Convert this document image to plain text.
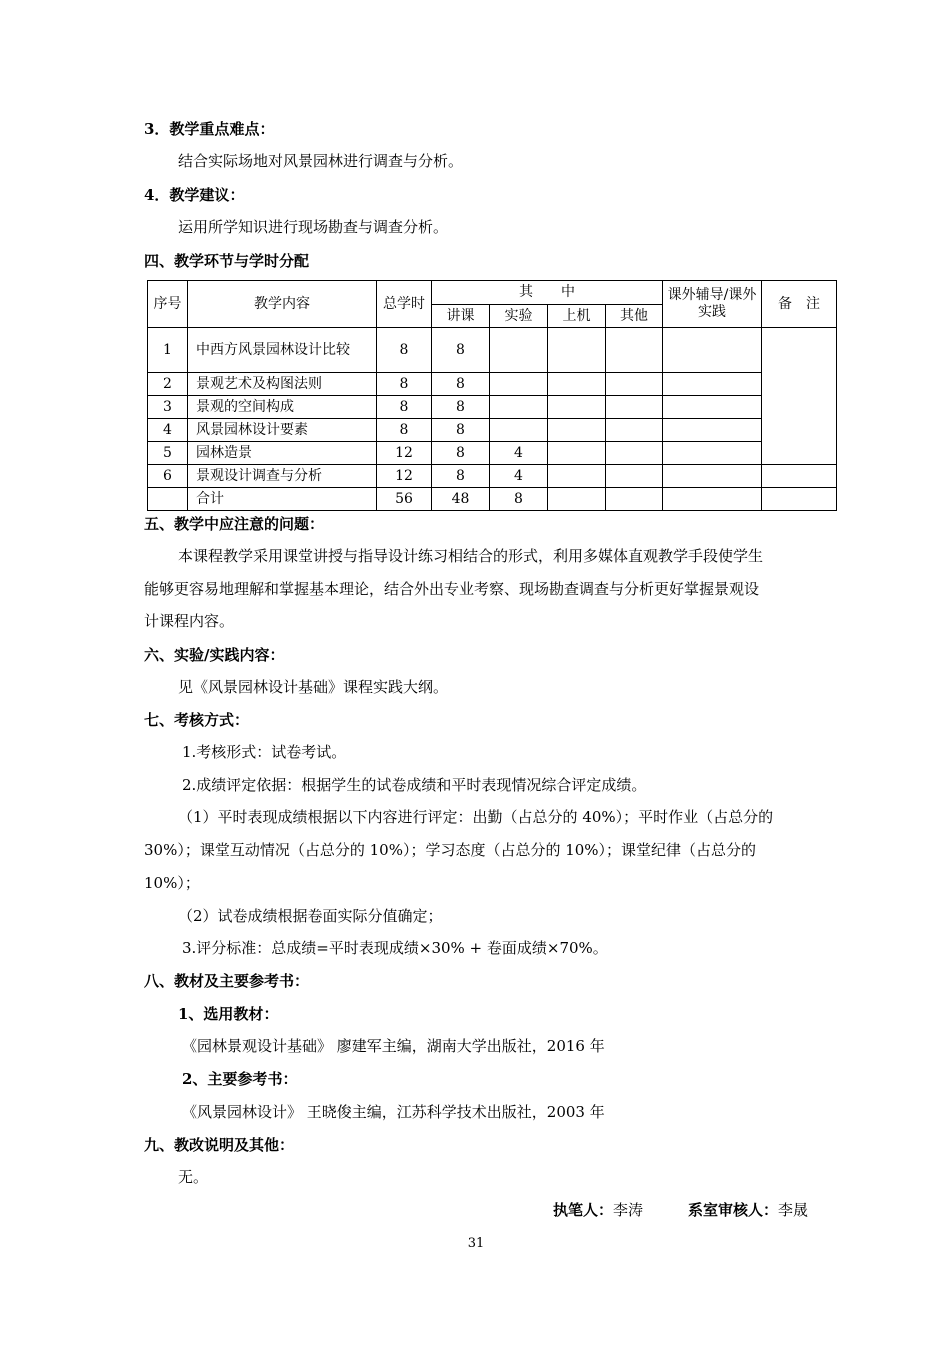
3．教学重点难点：
结合实际场地对风景园林进行调查与分析。
4．教学建议：
运用所学知识进行现场勘查与调查分析。
四、教学环节与学时分配
序号	教学内容	总学时	其　　中				课外辅导/课外实践	备　注
			讲课	实验	上机	其他		
1	中西方风景园林设计比较	8	8					
2	景观艺术及构图法则	8	8					
3	景观的空间构成	8	8					
4	风景园林设计要素	8	8					
5	园林造景	12	8	4				
6	景观设计调查与分析	12	8	4				
	合计	56	48	8				
五、教学中应注意的问题：
本课程教学采用课堂讲授与指导设计练习相结合的形式，利用多媒体直观教学手段使学生
能够更容易地理解和掌握基本理论，结合外出专业考察、现场勘查调查与分析更好掌握景观设
计课程内容。
六、实验/实践内容：
见《风景园林设计基础》课程实践大纲。
七、考核方式：
1.考核形式：试卷考试。
2.成绩评定依据：根据学生的试卷成绩和平时表现情况综合评定成绩。
（1）平时表现成绩根据以下内容进行评定：出勤（占总分的 40%）；平时作业（占总分的
30%）；课堂互动情况（占总分的 10%）；学习态度（占总分的 10%）；课堂纪律（占总分的
10%）；
（2）试卷成绩根据卷面实际分值确定；
3.评分标准：总成绩=平时表现成绩×30% + 卷面成绩×70%。
八、教材及主要参考书：
1、选用教材：
《园林景观设计基础》 廖建军主编，湖南大学出版社，2016 年
2、主要参考书：
《风景园林设计》 王晓俊主编，江苏科学技术出版社，2003 年
九、教改说明及其他：
无。
执笔人：李涛	系室审核人：李晟
31
